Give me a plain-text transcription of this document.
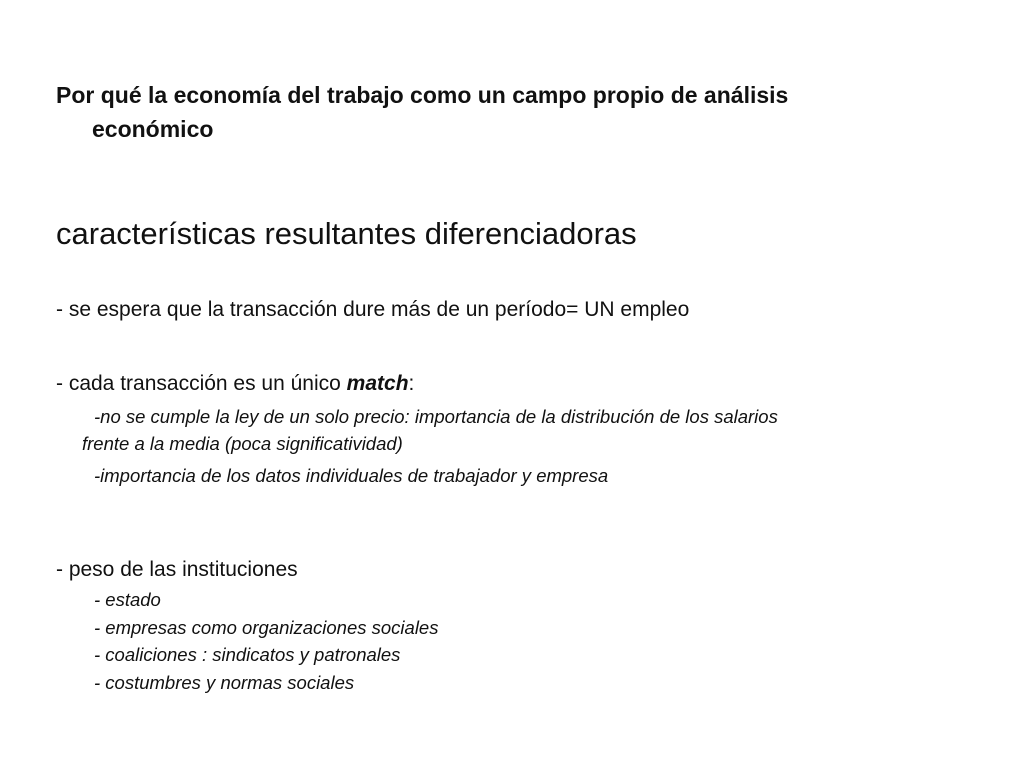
Por qué la economía del trabajo como un campo propio de análisis
económico
características resultantes diferenciadoras

- se espera que la transacción dure más de un período= UN empleo

- cada transacción es un único match:

-no se cumple la ley de un solo precio: importancia de la distribución de los salarios
frente a la media (poca significatividad)

-importancia de los datos individuales de trabajador y empresa

- peso de las instituciones

- estado
- empresas como organizaciones sociales
- coaliciones : sindicatos y patronales
- costumbres y normas sociales
